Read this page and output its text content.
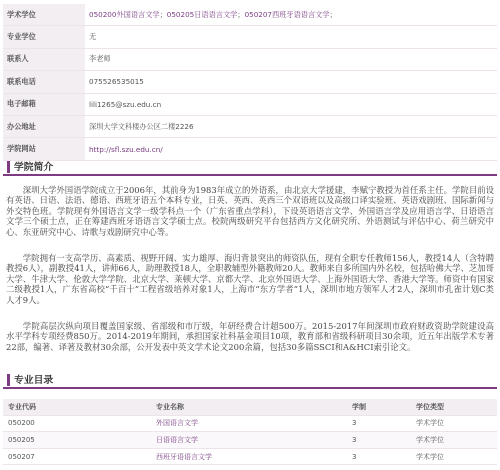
学术学位	050200外国语言文学；050205日语语言文学；050207西班牙语语言文学；
专业学位	无
联系人	李老师
联系电话	075526535015
电子邮箱	lili1265@szu.edu.cn
办公地址	深圳大学文科楼办公区二楼2226
学院网站	http://sfl.szu.edu.cn/
学院简介

深圳大学外国语学院成立于2006年，其前身为1983年成立的外语系，由北京大学援建，李赋宁教授为首任系主任。学院目前设有英语、日语、法语、德语、西班牙语五个本科专业，日英、英西、英西三个双语班以及高级口译实验班、英语戏剧班、国际新闻与外交特色班。学院现有外国语言文学一级学科点一个（广东省重点学科），下设英语语言文学、外国语言学及应用语言学、日语语言文学三个硕士点，正在筹建西班牙语语言文学硕士点。校院两级研究平台包括西方文化研究所、外语测试与评估中心、荷兰研究中心、东亚研究中心、诗歌与戏剧研究中心等。

学院拥有一支高学历、高素质、视野开阔、实力雄厚、海归背景突出的师资队伍，现有全职专任教师156人，教授14人（含特聘教授6人），副教授41人，讲师66人，助理教授18人，全职教辅型外籍教师20人。教师来自多所国内外名校，包括哈佛大学、芝加哥大学、牛津大学、伦敦大学学院、北京大学、莱顿大学、京都大学、北京外国语大学、上海外国语大学、香港大学等。师资中有国家二级教授1人，广东省高校“千百十”工程省级培养对象1人，上海市“东方学者”1人，深圳市地方领军人才2人，深圳市孔雀计划C类人才9人。

学院高层次纵向项目覆盖国家级、省部级和市厅级，年研经费合计超500万。2015-2017年间深圳市政府财政资助学院建设高水平学科专项经费850万。2014-2019年期间，承担国家社科基金项目10项，教育部和省级科研项目30余项，近五年出版学术专著22部，编著、译著及教材30余部，公开发表中英文学术论文200余篇，包括30多篇SSCI和A&HCI索引论文。

专业目录
专业代码	专业名称	学制	学位类型
050200	外国语言文学	3	学术学位
050205	日语语言文学	3	学术学位
050207	西班牙语语言文学	3	学术学位
